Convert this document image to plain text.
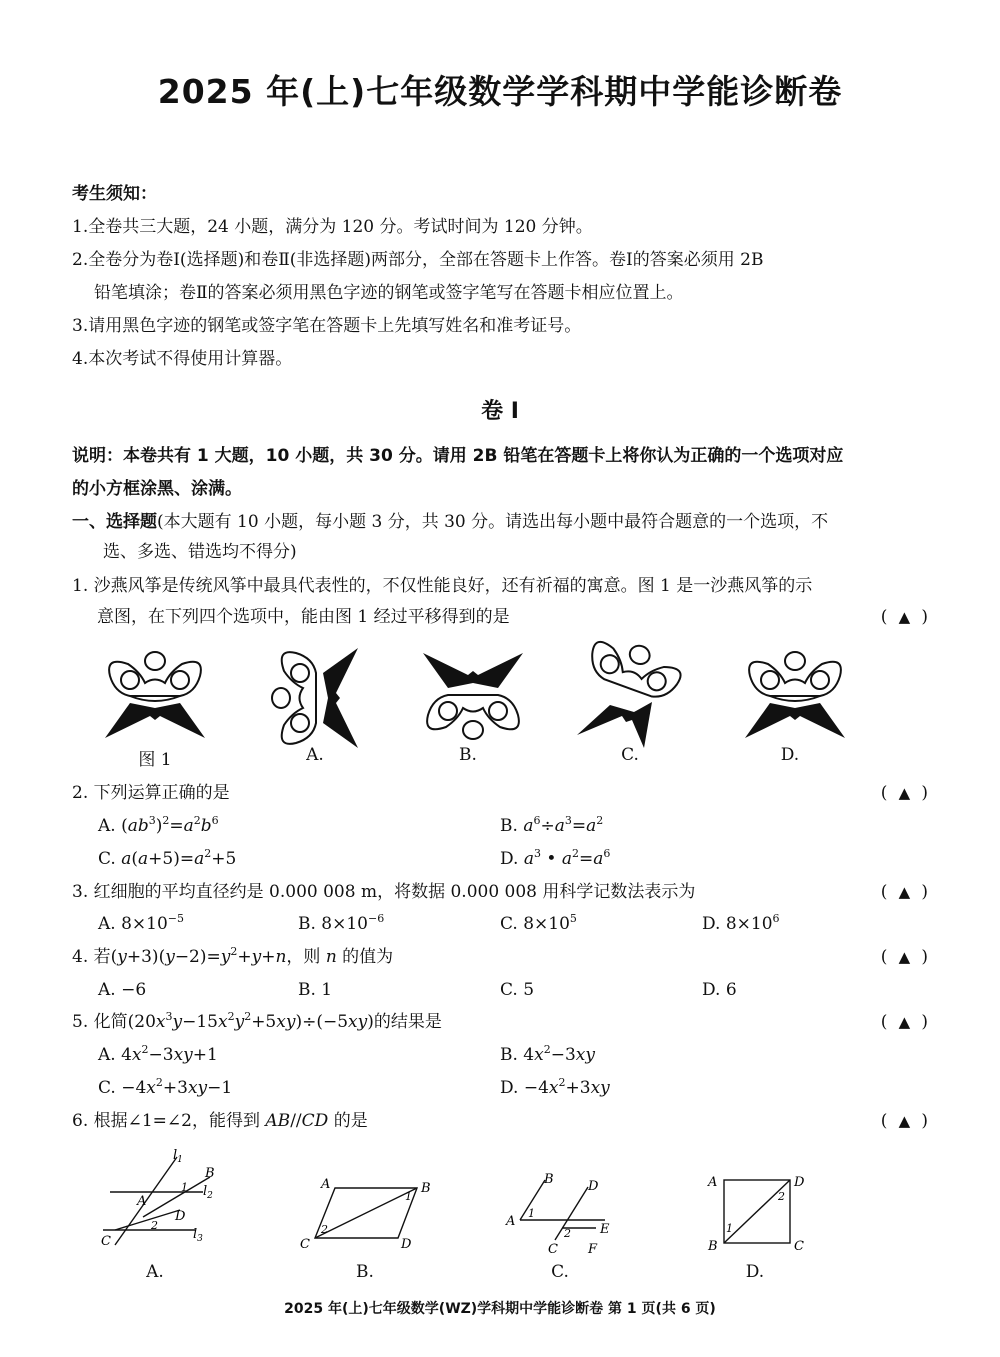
2025 年(上)七年级数学学科期中学能诊断卷
考生须知：
1.全卷共三大题，24 小题，满分为 120 分。考试时间为 120 分钟。
2.全卷分为卷Ⅰ(选择题)和卷Ⅱ(非选择题)两部分，全部在答题卡上作答。卷Ⅰ的答案必须用 2B
铅笔填涂；卷Ⅱ的答案必须用黑色字迹的钢笔或签字笔写在答题卡相应位置上。
3.请用黑色字迹的钢笔或签字笔在答题卡上先填写姓名和准考证号。
4.本次考试不得使用计算器。
卷 Ⅰ
说明：本卷共有 1 大题，10 小题，共 30 分。请用 2B 铅笔在答题卡上将你认为正确的一个选项对应
的小方框涂黑、涂满。
一、选择题(本大题有 10 小题，每小题 3 分，共 30 分。请选出每小题中最符合题意的一个选项，不
选、多选、错选均不得分)
1. 沙燕风筝是传统风筝中最具代表性的，不仅性能良好，还有祈福的寓意。图 1 是一沙燕风筝的示
意图，在下列四个选项中，能由图 1 经过平移得到的是	( ▲ )
图 1	A.	B.	C.	D.
2. 下列运算正确的是	( ▲ )
A. $(ab^3)^2=a^2b^6$	B. $a^6\div a^3=a^2$
C. $a(a+5)=a^2+5$	D. $a^3$ • $a^2=a^6$
3. 红细胞的平均直径约是 0.000 008 m，将数据 0.000 008 用科学记数法表示为	( ▲ )
A. $8\times 10^{-5}$	B. $8\times 10^{-6}$	C. $8\times 10^5$	D. $8\times 10^6$
4. 若$(y+3)(y-2)=y^2+y+n$，则 n 的值为	( ▲ )
A. −6	B. 1	C. 5	D. 6
5. 化简$(20x^3y-15x^2y^2+5xy)\div(-5xy)$的结果是	( ▲ )
A. $4x^2-3xy+1$	B. $4x^2-3xy$
C. $-4x^2+3xy-1$	D. $-4x^2+3xy$
6. 根据∠1=∠2，能得到 AB//CD 的是	( ▲ )
$l_1$
$l_2$
$l_3$
B
A
D
C
1
2
A	B
C	D
1
2
B
A
D
E
C F
1
2
A	D
B	C
1
2
A.	B.	C.	D.
2025 年(上)七年级数学(WZ)学科期中学能诊断卷 第 1 页(共 6 页)
